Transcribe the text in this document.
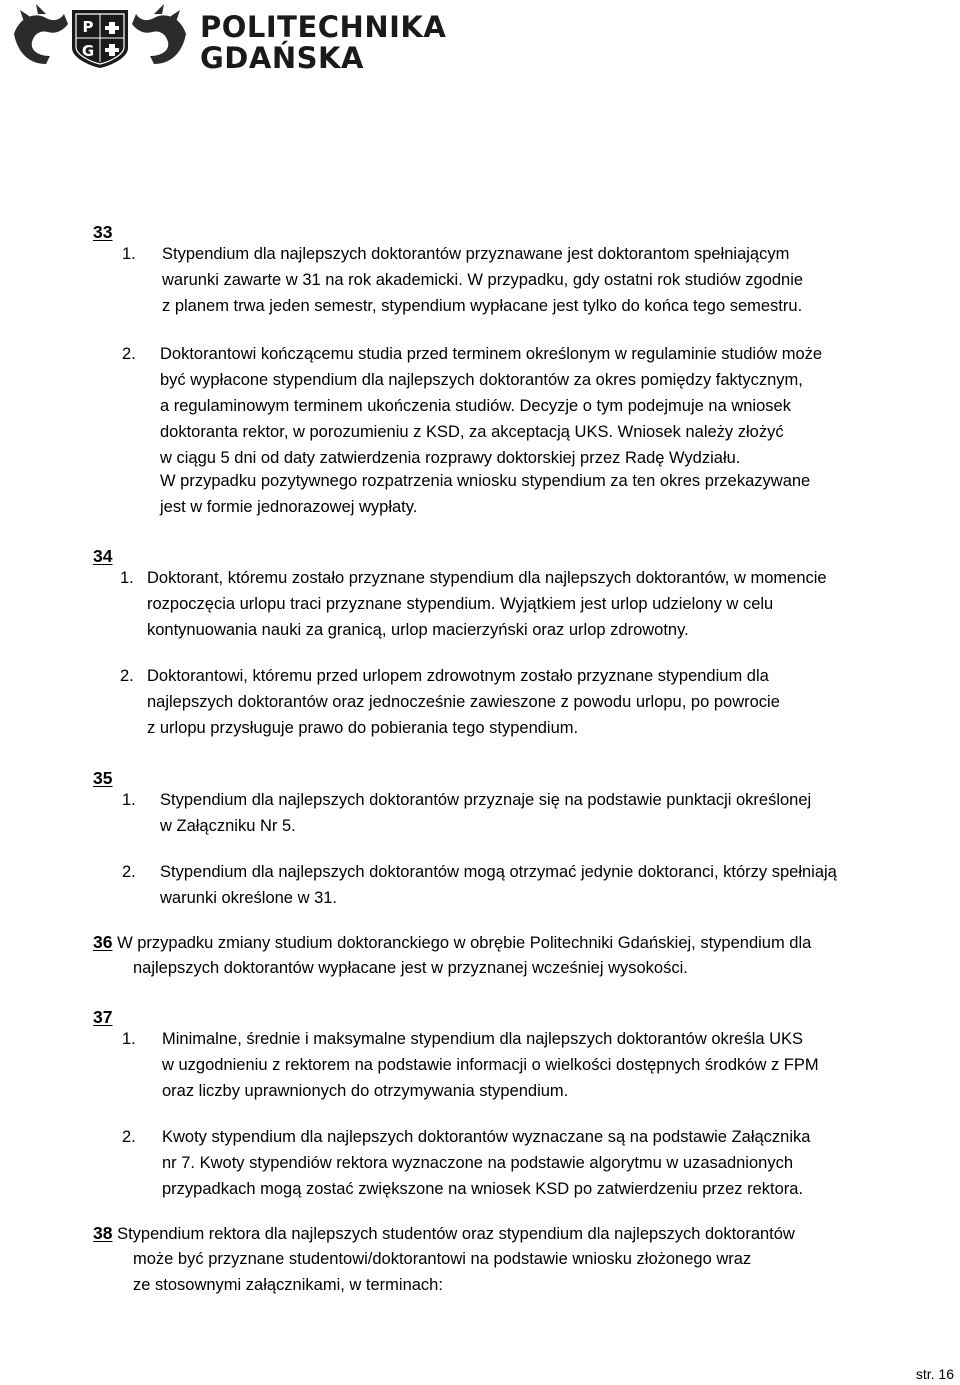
P
G
POLITECHNIKA
GDAŃSKA
33
1. Stypendium dla najlepszych doktorantów przyznawane jest doktorantom spełniającym
warunki zawarte w 31 na rok akademicki. W przypadku, gdy ostatni rok studiów zgodnie
z planem trwa jeden semestr, stypendium wypłacane jest tylko do końca tego semestru.
2. Doktorantowi kończącemu studia przed terminem określonym w regulaminie studiów może
być wypłacone stypendium dla najlepszych doktorantów za okres pomiędzy faktycznym,
a regulaminowym terminem ukończenia studiów. Decyzje o tym podejmuje na wniosek
doktoranta rektor, w porozumieniu z KSD, za akceptacją UKS. Wniosek należy złożyć
w ciągu 5 dni od daty zatwierdzenia rozprawy doktorskiej przez Radę Wydziału.
W przypadku pozytywnego rozpatrzenia wniosku stypendium za ten okres przekazywane
jest w formie jednorazowej wypłaty.
34
1. Doktorant, któremu zostało przyznane stypendium dla najlepszych doktorantów, w momencie
rozpoczęcia urlopu traci przyznane stypendium. Wyjątkiem jest urlop udzielony w celu
kontynuowania nauki za granicą, urlop macierzyński oraz urlop zdrowotny.
2. Doktorantowi, któremu przed urlopem zdrowotnym zostało przyznane stypendium dla
najlepszych doktorantów oraz jednocześnie zawieszone z powodu urlopu, po powrocie
z urlopu przysługuje prawo do pobierania tego stypendium.
35
1. Stypendium dla najlepszych doktorantów przyznaje się na podstawie punktacji określonej
w Załączniku Nr 5.
2. Stypendium dla najlepszych doktorantów mogą otrzymać jedynie doktoranci, którzy spełniają
warunki określone w 31.
36 W przypadku zmiany studium doktoranckiego w obrębie Politechniki Gdańskiej, stypendium dla
najlepszych doktorantów wypłacane jest w przyznanej wcześniej wysokości.
37
1. Minimalne, średnie i maksymalne stypendium dla najlepszych doktorantów określa UKS
w uzgodnieniu z rektorem na podstawie informacji o wielkości dostępnych środków z FPM
oraz liczby uprawnionych do otrzymywania stypendium.
2. Kwoty stypendium dla najlepszych doktorantów wyznaczane są na podstawie Załącznika
nr 7. Kwoty stypendiów rektora wyznaczone na podstawie algorytmu w uzasadnionych
przypadkach mogą zostać zwiększone na wniosek KSD po zatwierdzeniu przez rektora.
38 Stypendium rektora dla najlepszych studentów oraz stypendium dla najlepszych doktorantów
może być przyznane studentowi/doktorantowi na podstawie wniosku złożonego wraz
ze stosownymi załącznikami, w terminach:
str. 16
